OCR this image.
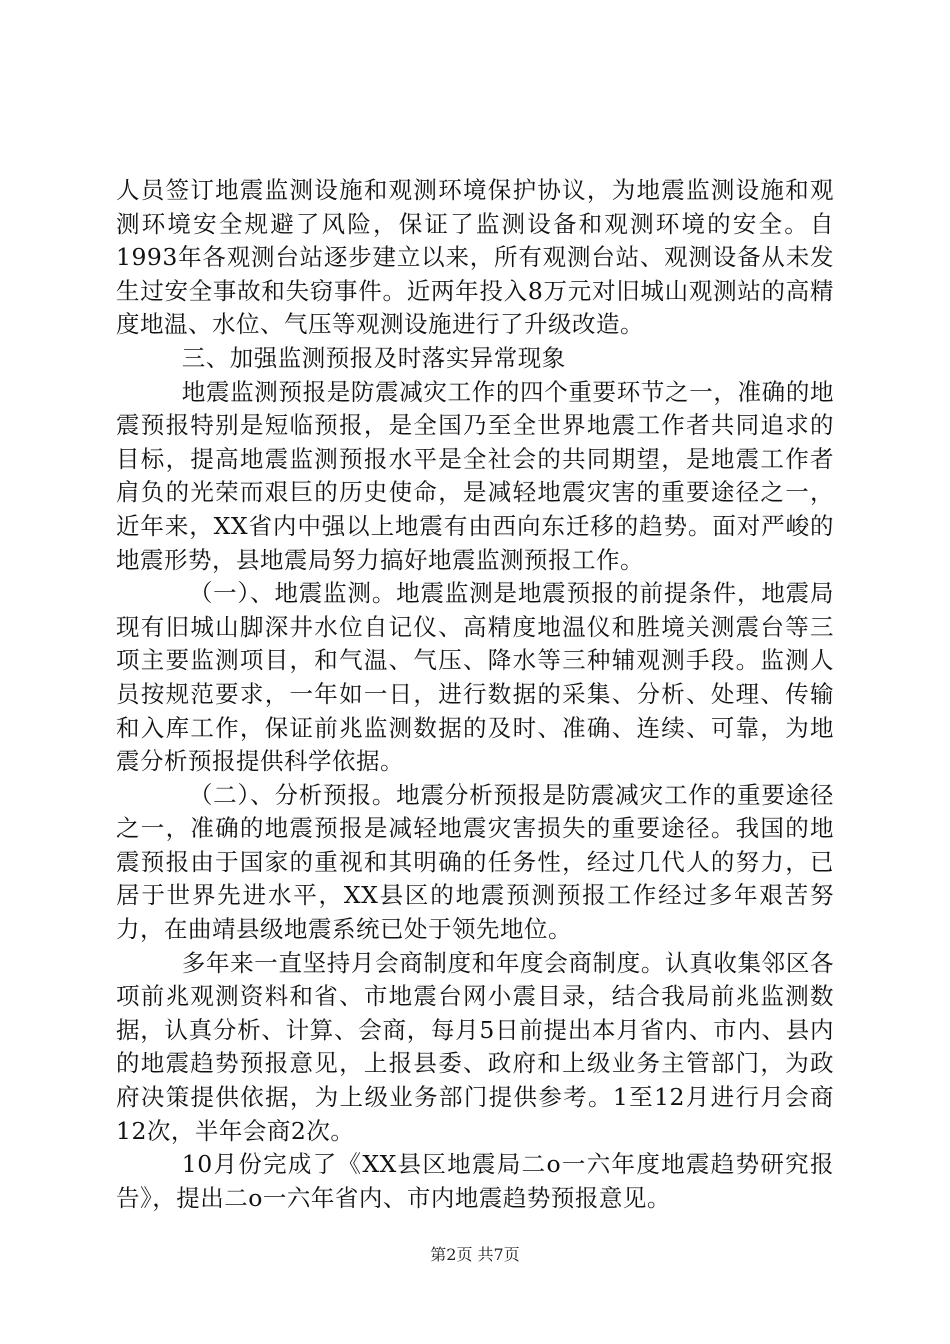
人员签订地震监测设施和观测环境保护协议，为地震监测设施和观测环境安全规避了风险，保证了监测设备和观测环境的安全。自1993年各观测台站逐步建立以来，所有观测台站、观测设备从未发生过安全事故和失窃事件。近两年投入8万元对旧城山观测站的高精度地温、水位、气压等观测设施进行了升级改造。

三、加强监测预报及时落实异常现象

地震监测预报是防震减灾工作的四个重要环节之一，准确的地震预报特别是短临预报，是全国乃至全世界地震工作者共同追求的目标，提高地震监测预报水平是全社会的共同期望，是地震工作者肩负的光荣而艰巨的历史使命，是减轻地震灾害的重要途径之一，近年来，XX省内中强以上地震有由西向东迁移的趋势。面对严峻的地震形势，县地震局努力搞好地震监测预报工作。

（一）、地震监测。地震监测是地震预报的前提条件，地震局现有旧城山脚深井水位自记仪、高精度地温仪和胜境关测震台等三项主要监测项目，和气温、气压、降水等三种辅观测手段。监测人员按规范要求，一年如一日，进行数据的采集、分析、处理、传输和入库工作，保证前兆监测数据的及时、准确、连续、可靠，为地震分析预报提供科学依据。

（二）、分析预报。地震分析预报是防震减灾工作的重要途径之一，准确的地震预报是减轻地震灾害损失的重要途径。我国的地震预报由于国家的重视和其明确的任务性，经过几代人的努力，已居于世界先进水平，XX县区的地震预测预报工作经过多年艰苦努力，在曲靖县级地震系统已处于领先地位。

多年来一直坚持月会商制度和年度会商制度。认真收集邻区各项前兆观测资料和省、市地震台网小震目录，结合我局前兆监测数据，认真分析、计算、会商，每月5日前提出本月省内、市内、县内的地震趋势预报意见，上报县委、政府和上级业务主管部门，为政府决策提供依据，为上级业务部门提供参考。1至12月进行月会商12次，半年会商2次。

10月份完成了《XX县区地震局二o一六年度地震趋势研究报告》，提出二o一六年省内、市内地震趋势预报意见。

第2页 共7页
